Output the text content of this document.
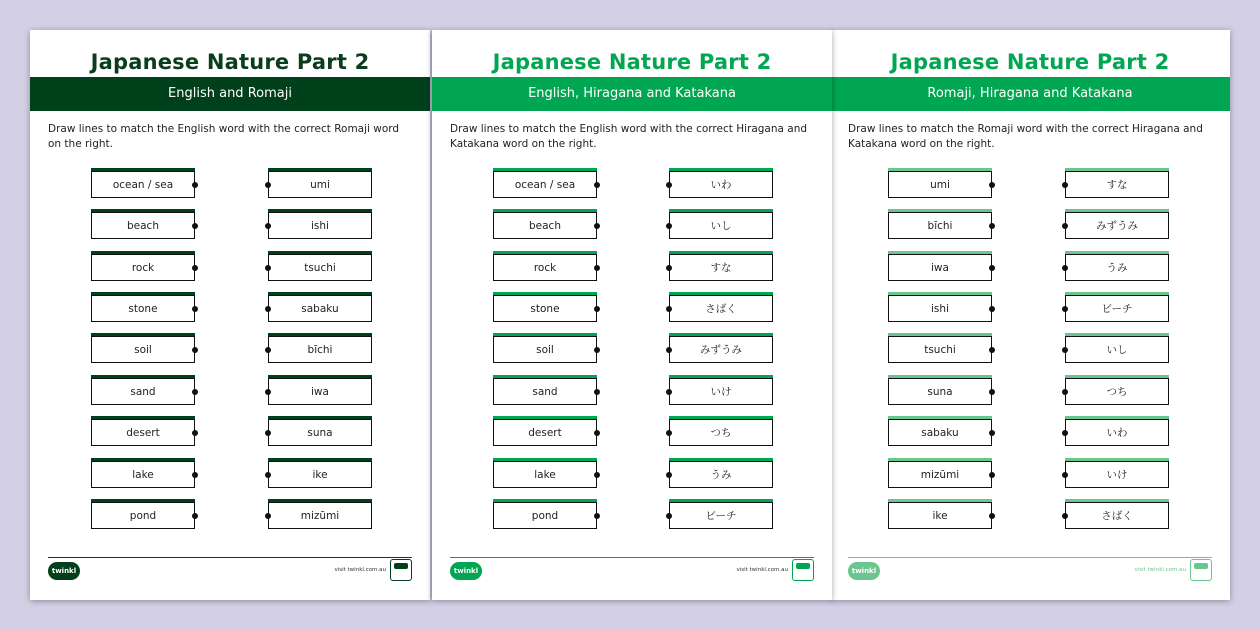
Japanese Nature Part 2
English and Romaji
Draw lines to match the English word with the correct Romaji word on the right.
ocean / sea
beach
rock
stone
soil
sand
desert
lake
pond
umi
ishi
tsuchi
sabaku
bīchi
iwa
suna
ike
mizūmi
twinkl	visit twinkl.com.au
Japanese Nature Part 2
English, Hiragana and Katakana
Draw lines to match the English word with the correct Hiragana and Katakana word on the right.
ocean / sea
beach
rock
stone
soil
sand
desert
lake
pond
いわ
いし
すな
さばく
みずうみ
いけ
つち
うみ
ビーチ
twinkl	visit twinkl.com.au
Japanese Nature Part 2
Romaji, Hiragana and Katakana
Draw lines to match the Romaji word with the correct Hiragana and Katakana word on the right.
umi
bīchi
iwa
ishi
tsuchi
suna
sabaku
mizūmi
ike
すな
みずうみ
うみ
ビーチ
いし
つち
いわ
いけ
さばく
twinkl	visit twinkl.com.au
